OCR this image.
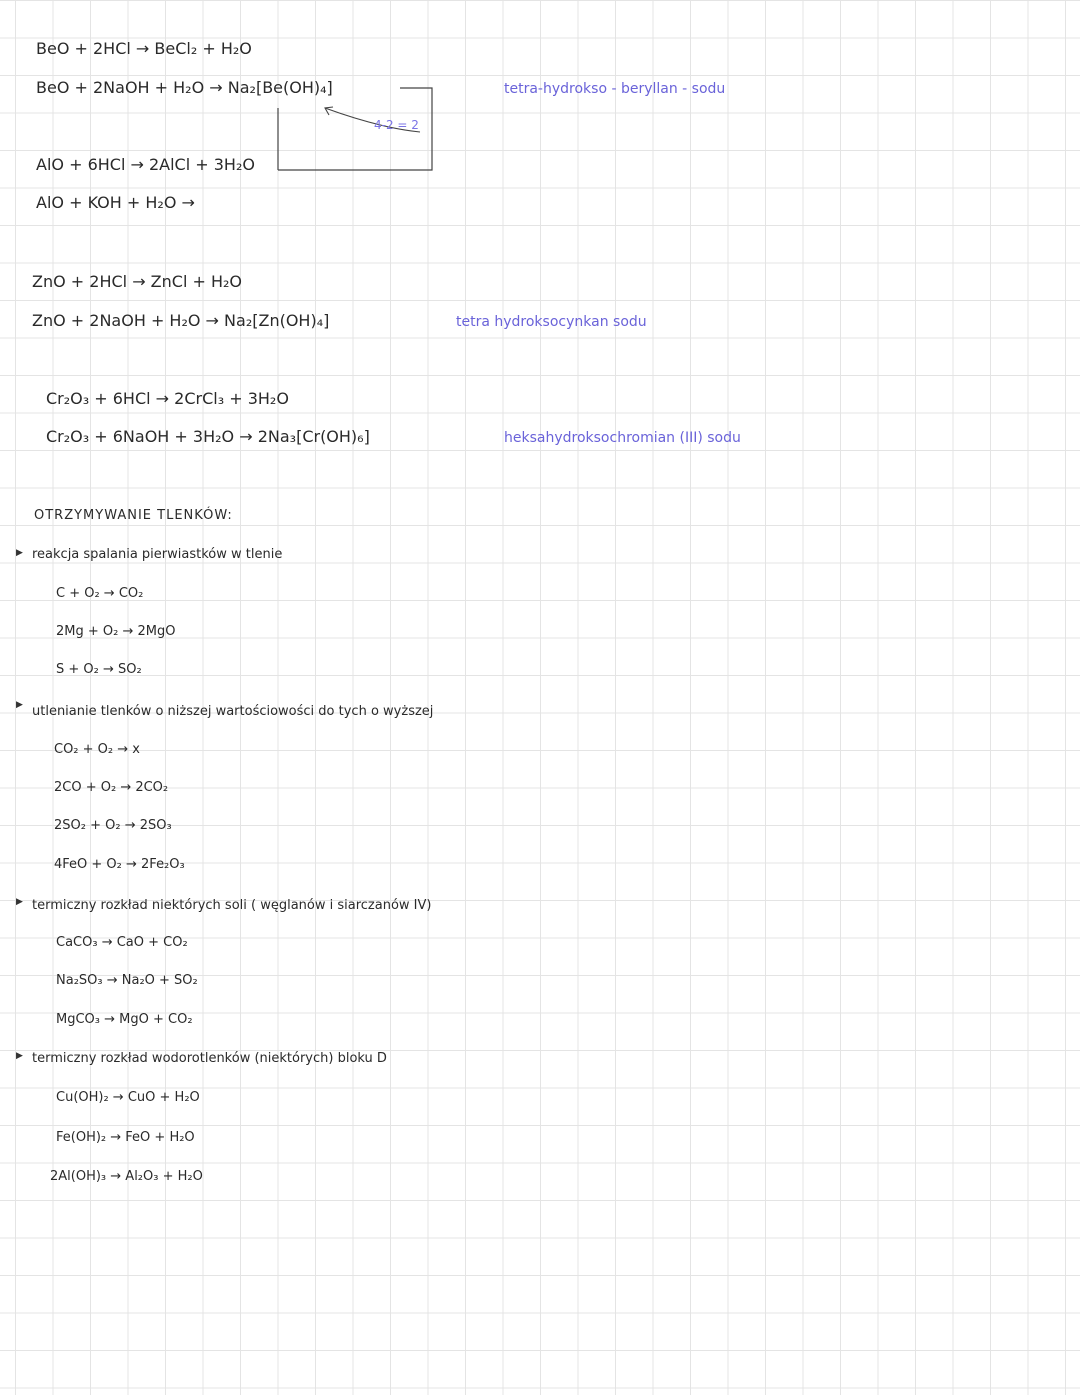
BeO + 2HCl → BeCl₂ + H₂O
BeO + 2NaOH + H₂O → Na₂[Be(OH)₄]
4-2 = 2
tetra-hydrokso - beryllan - sodu
AlO + 6HCl → 2AlCl + 3H₂O
AlO + KOH + H₂O →
ZnO + 2HCl → ZnCl + H₂O
ZnO + 2NaOH + H₂O → Na₂[Zn(OH)₄]	tetra hydroksocynkan sodu
Cr₂O₃ + 6HCl → 2CrCl₃ + 3H₂O
Cr₂O₃ + 6NaOH + 3H₂O → 2Na₃[Cr(OH)₆]	heksahydroksochromian (III) sodu
OTRZYMYWANIE TLENKÓW:
▶ reakcja spalania pierwiastków w tlenie
C + O₂ → CO₂
2Mg + O₂ → 2MgO
S + O₂ → SO₂
▶ utlenianie tlenków o niższej wartościowości do tych o wyższej
CO₂ + O₂ → x
2CO + O₂ → 2CO₂
2SO₂ + O₂ → 2SO₃
4FeO + O₂ → 2Fe₂O₃
▶ termiczny rozkład niektórych soli ( węglanów i siarczanów IV)
CaCO₃ → CaO + CO₂
Na₂SO₃ → Na₂O + SO₂
MgCO₃ → MgO + CO₂
▶ termiczny rozkład wodorotlenków (niektórych) bloku D
Cu(OH)₂ → CuO + H₂O
Fe(OH)₂ → FeO + H₂O
2Al(OH)₃ → Al₂O₃ + H₂O
